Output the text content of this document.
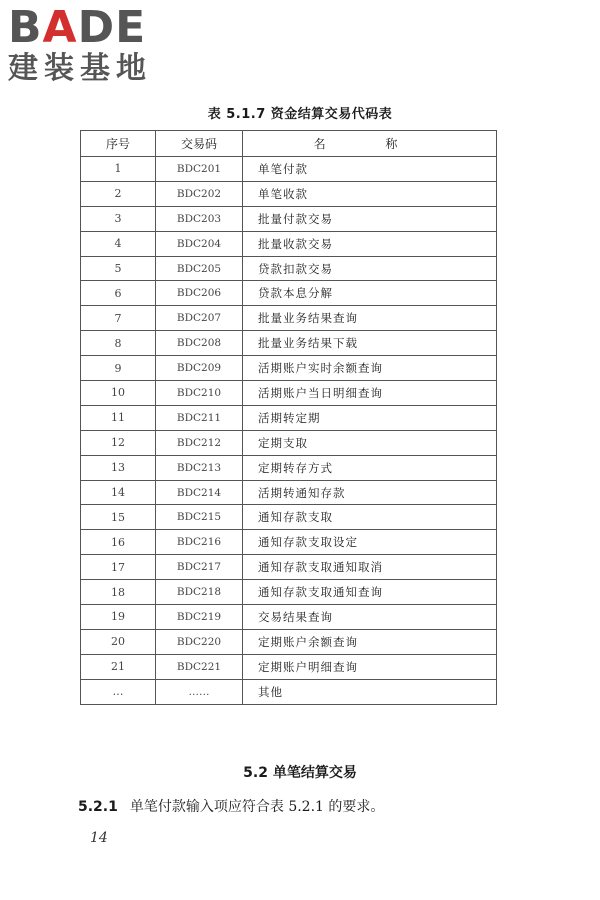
B A DE
建装基地
表 5.1.7 资金结算交易代码表
序号	交易码	名 称
1	BDC201	单笔付款
2	BDC202	单笔收款
3	BDC203	批量付款交易
4	BDC204	批量收款交易
5	BDC205	贷款扣款交易
6	BDC206	贷款本息分解
7	BDC207	批量业务结果查询
8	BDC208	批量业务结果下载
9	BDC209	活期账户实时余额查询
10	BDC210	活期账户当日明细查询
11	BDC211	活期转定期
12	BDC212	定期支取
13	BDC213	定期转存方式
14	BDC214	活期转通知存款
15	BDC215	通知存款支取
16	BDC216	通知存款支取设定
17	BDC217	通知存款支取通知取消
18	BDC218	通知存款支取通知查询
19	BDC219	交易结果查询
20	BDC220	定期账户余额查询
21	BDC221	定期账户明细查询
…	……	其他
5.2 单笔结算交易
5.2.1 单笔付款输入项应符合表 5.2.1 的要求。
14
